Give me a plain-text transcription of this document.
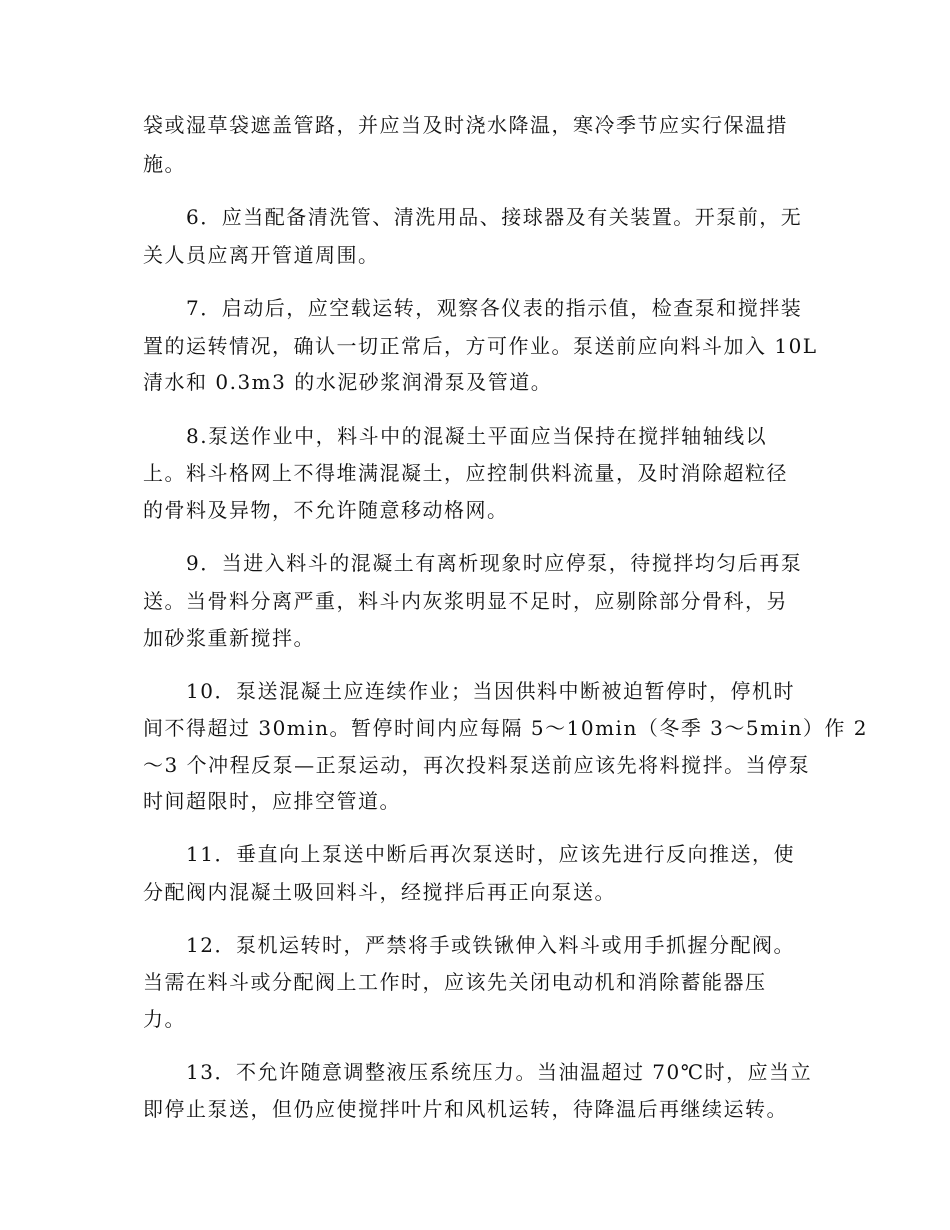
袋或湿草袋遮盖管路，并应当及时浇水降温，寒冷季节应实行保温措

施。

6．应当配备清洗管、清洗用品、接球器及有关装置。开泵前，无

关人员应离开管道周围。

7．启动后，应空载运转，观察各仪表的指示值，检查泵和搅拌装

置的运转情况，确认一切正常后，方可作业。泵送前应向料斗加入 10L

清水和 0.3m3 的水泥砂浆润滑泵及管道。

8.泵送作业中，料斗中的混凝土平面应当保持在搅拌轴轴线以

上。料斗格网上不得堆满混凝土，应控制供料流量，及时消除超粒径

的骨料及异物，不允许随意移动格网。

9．当进入料斗的混凝土有离析现象时应停泵，待搅拌均匀后再泵

送。当骨料分离严重，料斗内灰浆明显不足时，应剔除部分骨科，另

加砂浆重新搅拌。

10．泵送混凝土应连续作业；当因供料中断被迫暂停时，停机时

间不得超过 30min。暂停时间内应每隔 5～10min（冬季 3～5min）作 2

～3 个冲程反泵—正泵运动，再次投料泵送前应该先将料搅拌。当停泵

时间超限时，应排空管道。

11．垂直向上泵送中断后再次泵送时，应该先进行反向推送，使

分配阀内混凝土吸回料斗，经搅拌后再正向泵送。

12．泵机运转时，严禁将手或铁锹伸入料斗或用手抓握分配阀。

当需在料斗或分配阀上工作时，应该先关闭电动机和消除蓄能器压

力。

13．不允许随意调整液压系统压力。当油温超过 70℃时，应当立

即停止泵送，但仍应使搅拌叶片和风机运转，待降温后再继续运转。
